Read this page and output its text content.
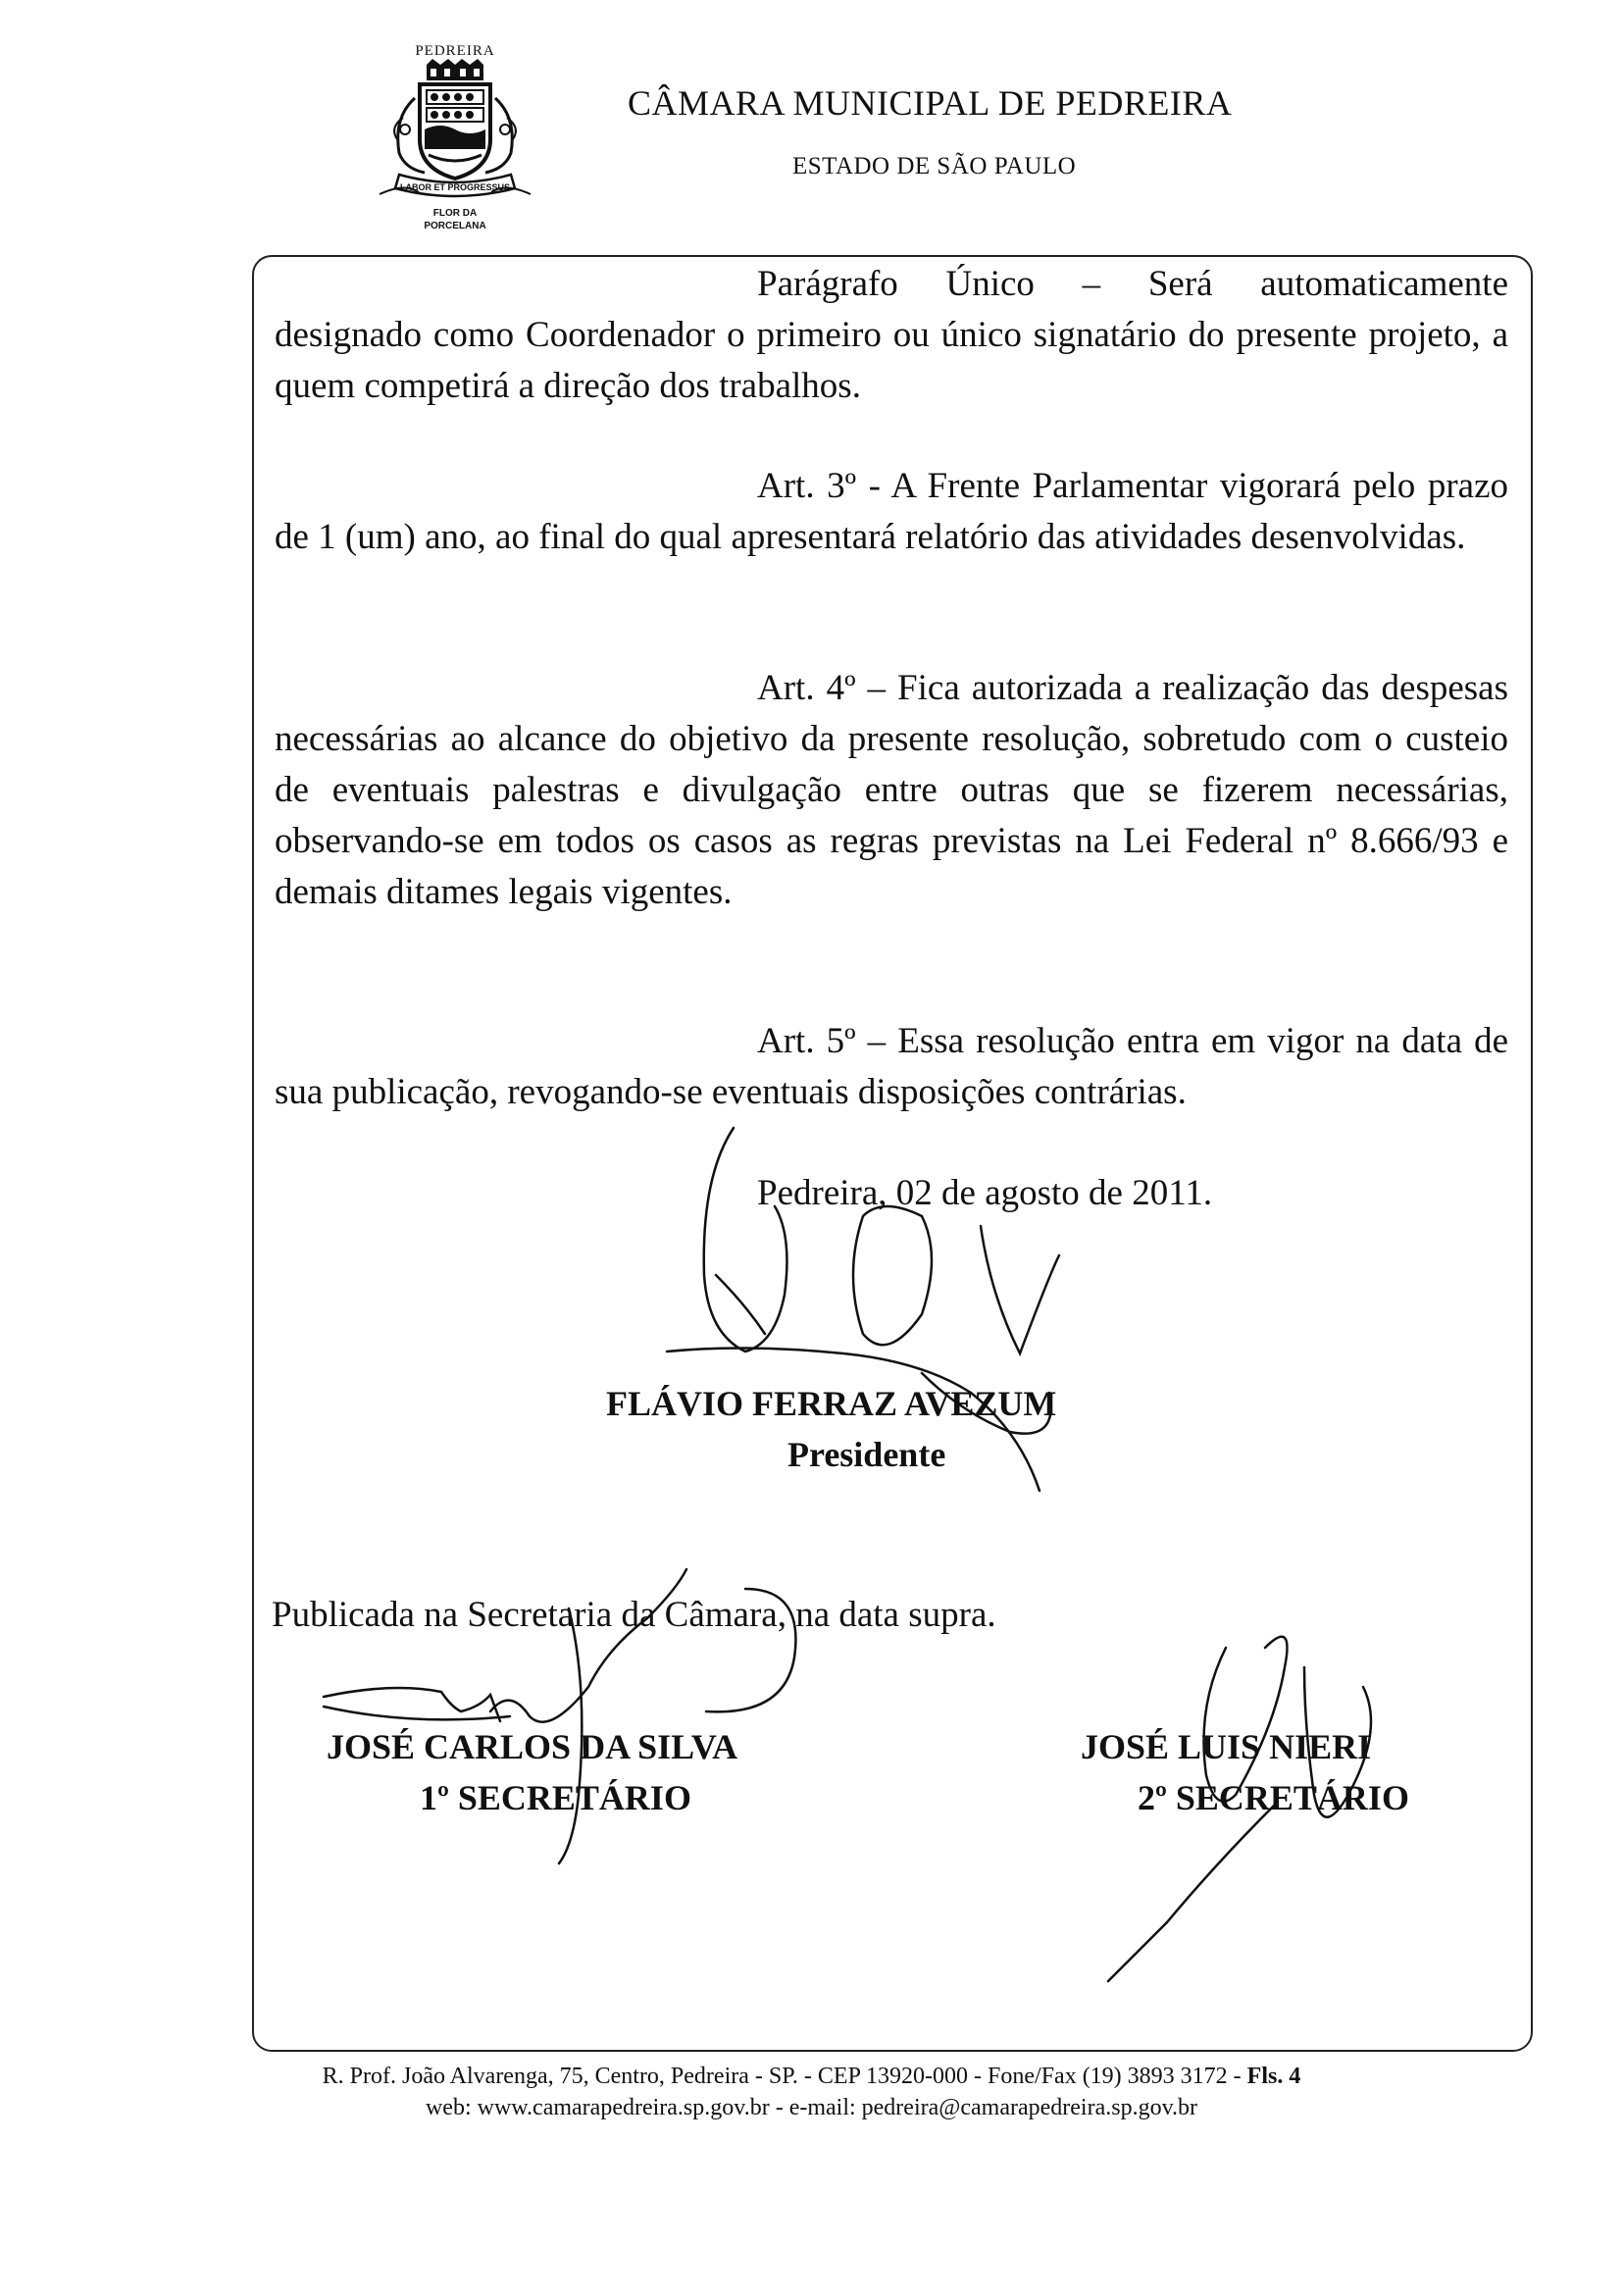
PEDREIRA
LABOR ET PROGRESSUS
FLOR DA
PORCELANA
CÂMARA MUNICIPAL DE PEDREIRA
ESTADO DE SÃO PAULO

Parágrafo Único – Será automaticamente designado como Coordenador o primeiro ou único signatário do presente projeto, a quem competirá a direção dos trabalhos.

Art. 3º - A Frente Parlamentar vigorará pelo prazo de 1 (um) ano, ao final do qual apresentará relatório das atividades desenvolvidas.

Art. 4º – Fica autorizada a realização das despesas necessárias ao alcance do objetivo da presente resolução, sobretudo com o custeio de eventuais palestras e divulgação entre outras que se fizerem necessárias, observando-se em todos os casos as regras previstas na Lei Federal nº 8.666/93 e demais ditames legais vigentes.

Art. 5º – Essa resolução entra em vigor na data de sua publicação, revogando-se eventuais disposições contrárias.

Pedreira, 02 de agosto de 2011.
FLÁVIO FERRAZ AVEZUM
Presidente
Publicada na Secretaria da Câmara, na data supra.
JOSÉ CARLOS DA SILVA
1º SECRETÁRIO
JOSÉ LUIS NIERI
2º SECRETÁRIO
R. Prof. João Alvarenga, 75, Centro, Pedreira - SP. - CEP 13920-000 - Fone/Fax (19) 3893 3172 - Fls. 4
web: www.camarapedreira.sp.gov.br - e-mail: pedreira@camarapedreira.sp.gov.br
